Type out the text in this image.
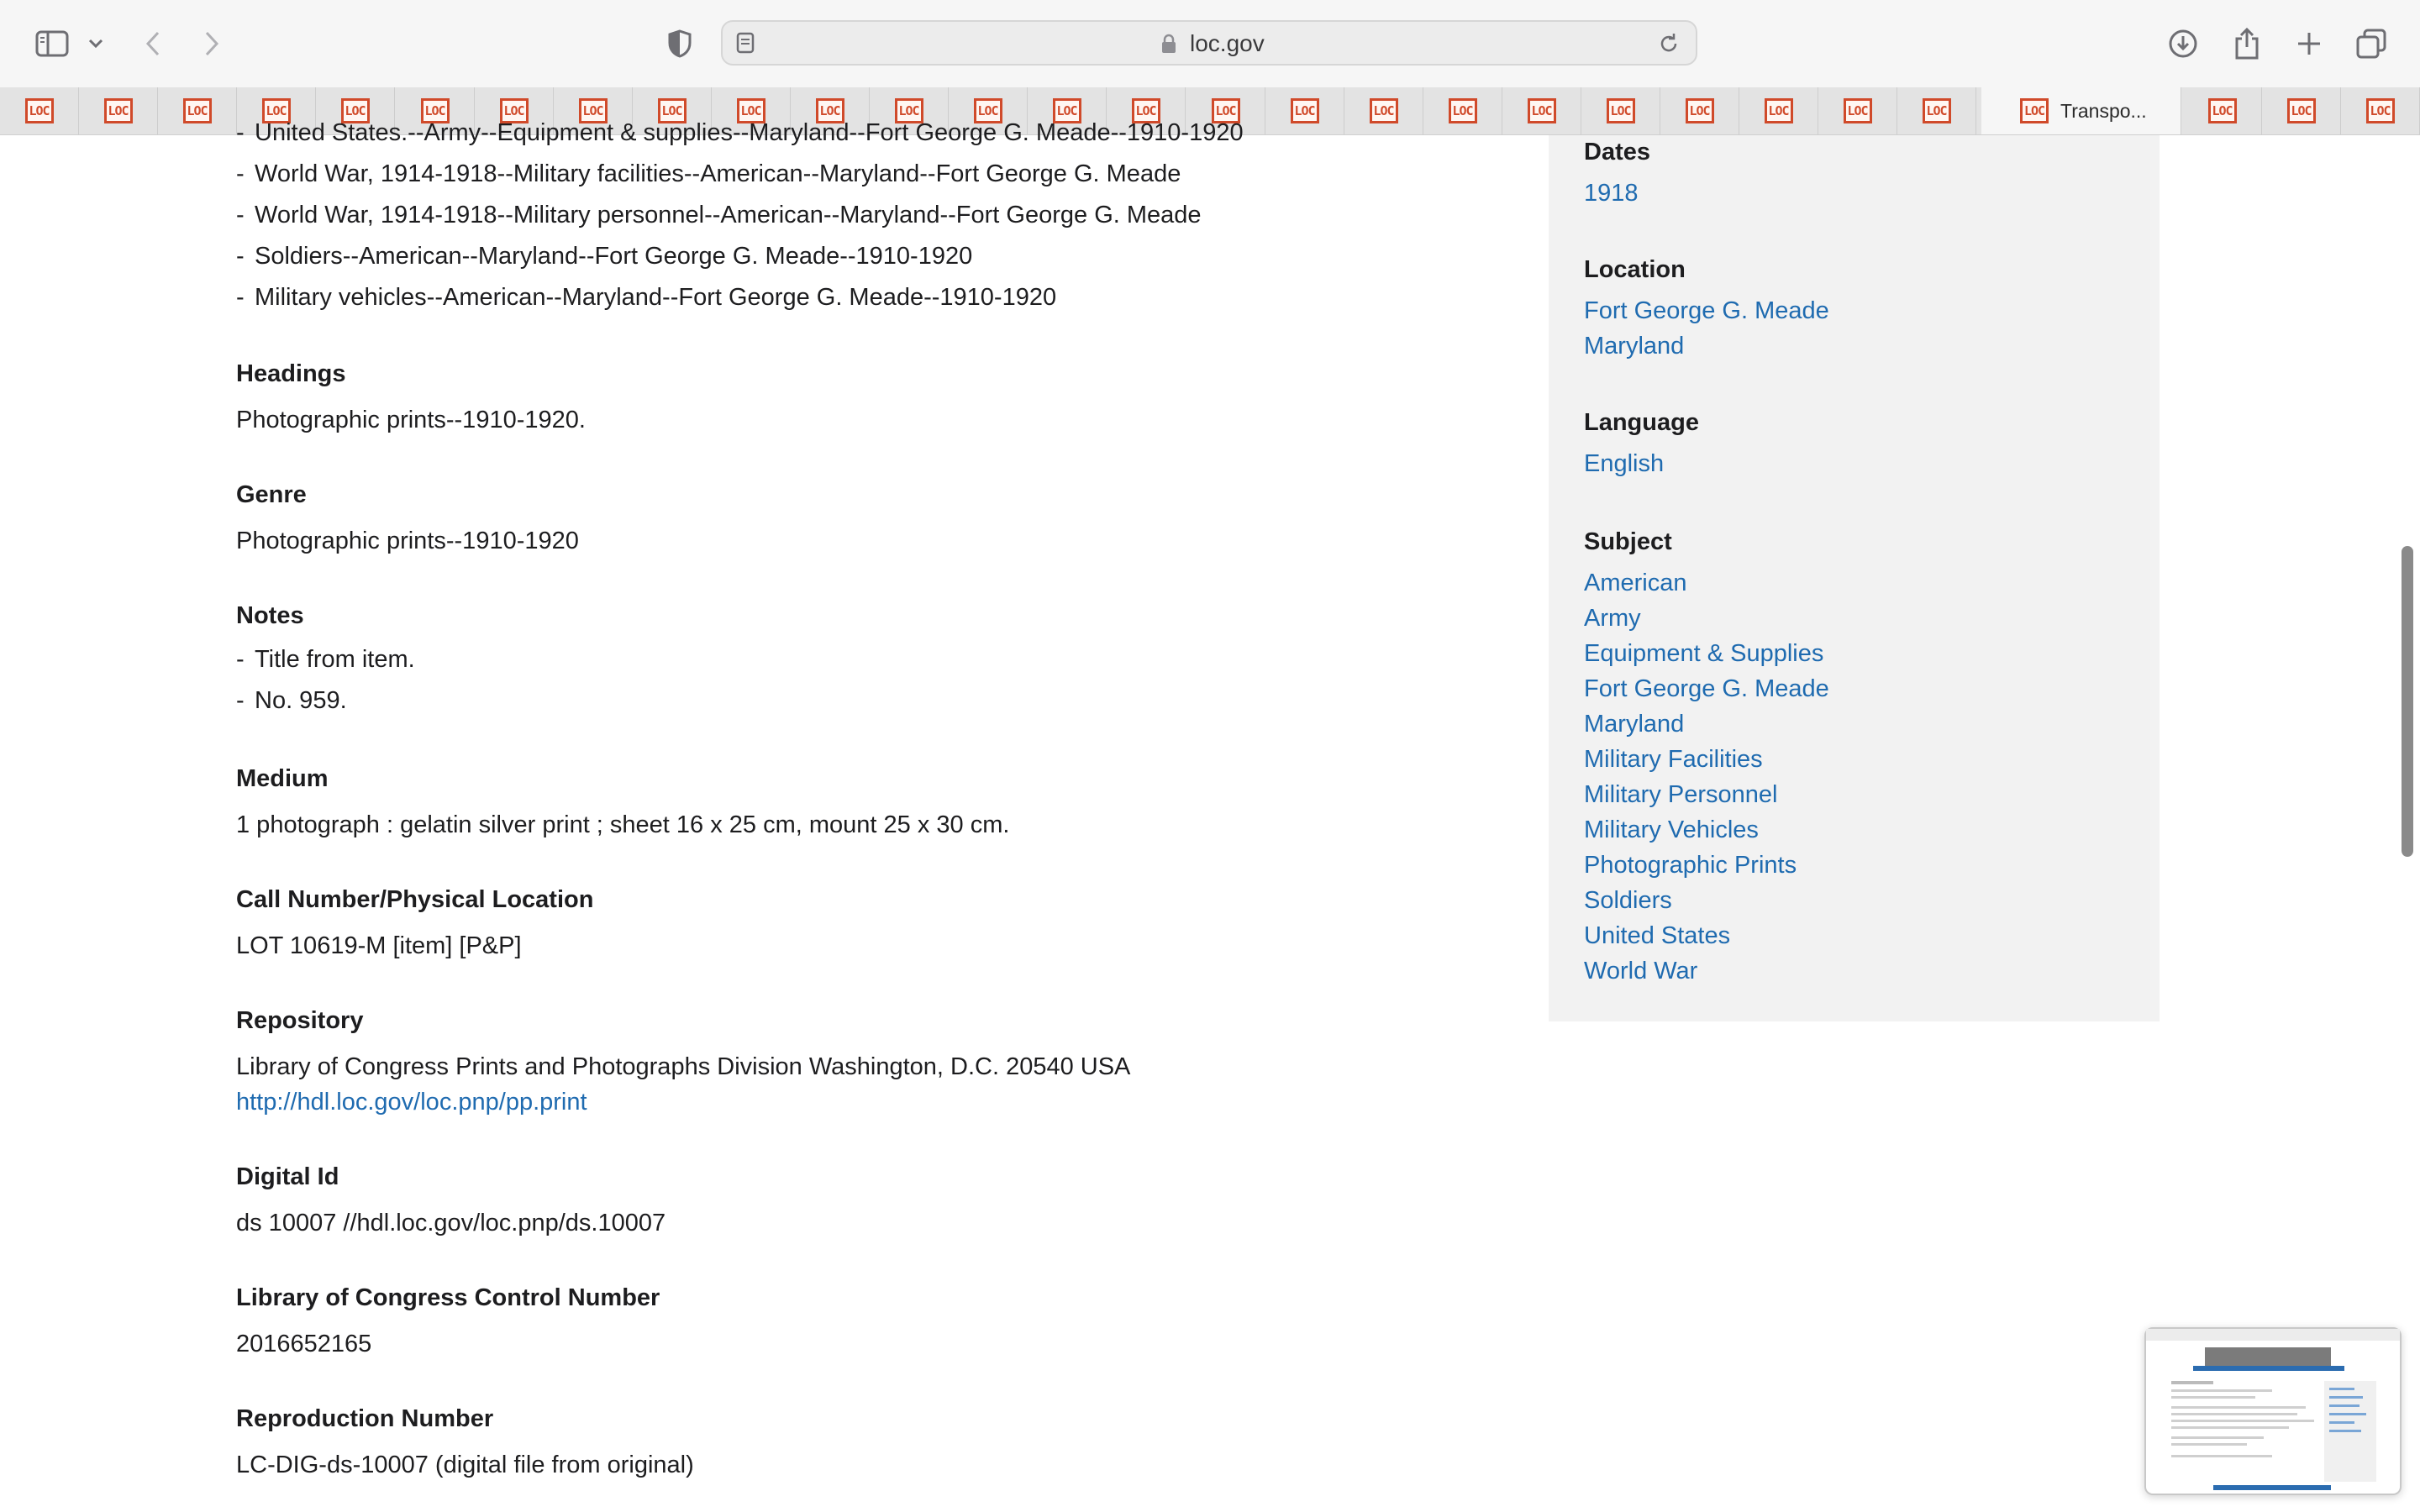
loc.gov
LOC	LOC	LOC	LOC	LOC	LOC	LOC	LOC	LOC	LOC	LOC	LOC	LOC	LOC	LOC	LOC	LOC	LOC	LOC	LOC	LOC	LOC	LOC	LOC	LOC	LOC Transpo...	LOC	LOC	LOC
- United States.--Army--Equipment & supplies--Maryland--Fort George G. Meade--1910-1920
- World War, 1914-1918--Military facilities--American--Maryland--Fort George G. Meade
- World War, 1914-1918--Military personnel--American--Maryland--Fort George G. Meade
- Soldiers--American--Maryland--Fort George G. Meade--1910-1920
- Military vehicles--American--Maryland--Fort George G. Meade--1910-1920
Headings
Photographic prints--1910-1920.
Genre
Photographic prints--1910-1920
Notes
- Title from item.
- No. 959.
Medium
1 photograph : gelatin silver print ; sheet 16 x 25 cm, mount 25 x 30 cm.
Call Number/Physical Location
LOT 10619-M [item] [P&P]
Repository
Library of Congress Prints and Photographs Division Washington, D.C. 20540 USA
http://hdl.loc.gov/loc.pnp/pp.print
Digital Id
ds 10007 //hdl.loc.gov/loc.pnp/ds.10007
Library of Congress Control Number
2016652165
Reproduction Number
LC-DIG-ds-10007 (digital file from original)
Dates
1918
Location
Fort George G. Meade
Maryland
Language
English
Subject
American
Army
Equipment & Supplies
Fort George G. Meade
Maryland
Military Facilities
Military Personnel
Military Vehicles
Photographic Prints
Soldiers
United States
World War
